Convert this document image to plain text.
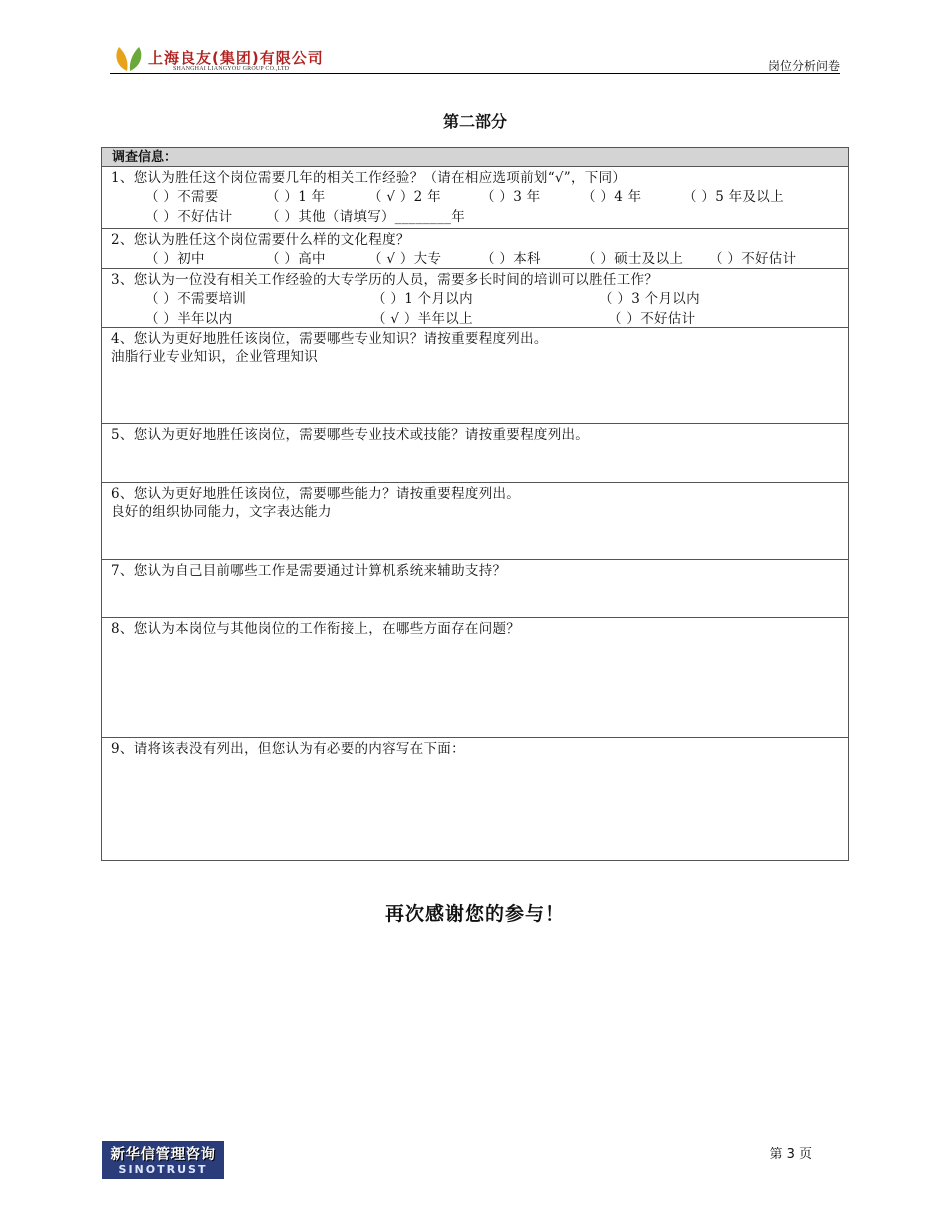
上海良友(集团)有限公司
SHANGHAI LIANGYOU GROUP CO.,LTD	岗位分析问卷
第二部分
调查信息：
1、您认为胜任这个岗位需要几年的相关工作经验？（请在相应选项前划“√”，下同）
（ ）不需要	（ ）1 年	（ √ ）2 年	（ ）3 年	（ ）4 年	（ ）5 年及以上
（ ）不好估计 （ ）其他（请填写）________年
2、您认为胜任这个岗位需要什么样的文化程度？
（ ）初中	（ ）高中	（ √ ）大专	（ ）本科	（ ）硕士及以上 （ ）不好估计
3、您认为一位没有相关工作经验的大专学历的人员，需要多长时间的培训可以胜任工作？
（ ）不需要培训	（ ）1 个月以内	（ ）3 个月以内
（ ）半年以内	（ √ ）半年以上	（ ）不好估计
4、您认为更好地胜任该岗位，需要哪些专业知识？请按重要程度列出。
油脂行业专业知识，企业管理知识
5、您认为更好地胜任该岗位，需要哪些专业技术或技能？请按重要程度列出。
6、您认为更好地胜任该岗位，需要哪些能力？请按重要程度列出。
良好的组织协同能力，文字表达能力
7、您认为自己目前哪些工作是需要通过计算机系统来辅助支持？
8、您认为本岗位与其他岗位的工作衔接上，在哪些方面存在问题？
9、请将该表没有列出，但您认为有必要的内容写在下面：
再次感谢您的参与！
新华信管理咨询
SINOTRUST
第 3 页
